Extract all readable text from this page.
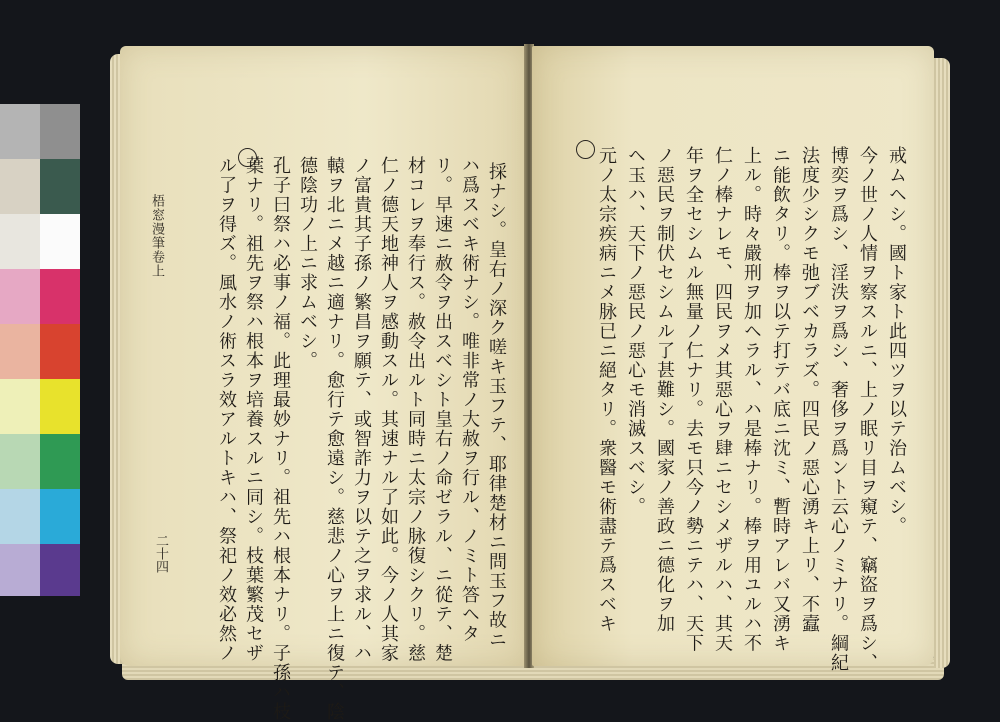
採ナシ。皇右ノ深ク嗟キ玉フテ、耶律楚材ニ問玉フ故ニ
ハ爲スベキ術ナシ。唯非常ノ大赦ヲ行ル、ノミト答ヘタ
リ。早速ニ赦令ヲ出スベシト皇右ノ命ゼラル、ニ從テ、楚
材コレヲ奉行ス。赦令出ルト同時ニ太宗ノ脉復シクリ。慈
仁ノ德天地神人ヲ感動スル。其速ナル了如此。今ノ人其家
ノ富貴其子孫ノ繁昌ヲ願テ、或智詐力ヲ以テ之ヲ求ル、ハ
轅ヲ北ニメ越ニ適ナリ。愈行テ愈遠シ。慈悲ノ心ヲ上ニ復テ、陰
德陰功ノ上ニ求ムベシ。
孔子曰祭ハ必事ノ福。此理最妙ナリ。祖先ハ根本ナリ。子孫ハ枝
葉ナリ。祖先ヲ祭ハ根本ヲ培養スルニ同シ。枝葉繁茂セザ
ル了ヲ得ズ。風水ノ術スラ效アルトキハ、祭祀ノ效必然ノ
梧窓漫筆卷上
二十四
戒ムヘシ。國ト家ト此四ツヲ以テ治ムベシ。
今ノ世ノ人情ヲ察スルニ、上ノ眠リ目ヲ窺テ、竊盜ヲ爲シ、
博奕ヲ爲シ、淫泆ヲ爲シ、奢侈ヲ爲ント云心ノミナリ。綱紀
法度少シクモ弛ブベカラズ。四民ノ惡心湧キ上リ、不蠧
ニ能飲タリ。棒ヲ以テ打テバ底ニ沈ミ、暫時アレバ又湧キ
上ル。時々嚴刑ヲ加ヘラル、ハ是棒ナリ。棒ヲ用ユルハ不
仁ノ棒ナレモ、四民ヲメ其惡心ヲ肆ニセシメザルハ、其天
年ヲ全セシムル無量ノ仁ナリ。去モ只今ノ勢ニテハ、天下
ノ惡民ヲ制伏セシムル了甚難シ。國家ノ善政ニ德化ヲ加
ヘ玉ハ、天下ノ惡民ノ惡心モ消滅スベシ。
元ノ太宗疾病ニメ脉已ニ絕タリ。衆醫モ術盡テ爲スベキ
